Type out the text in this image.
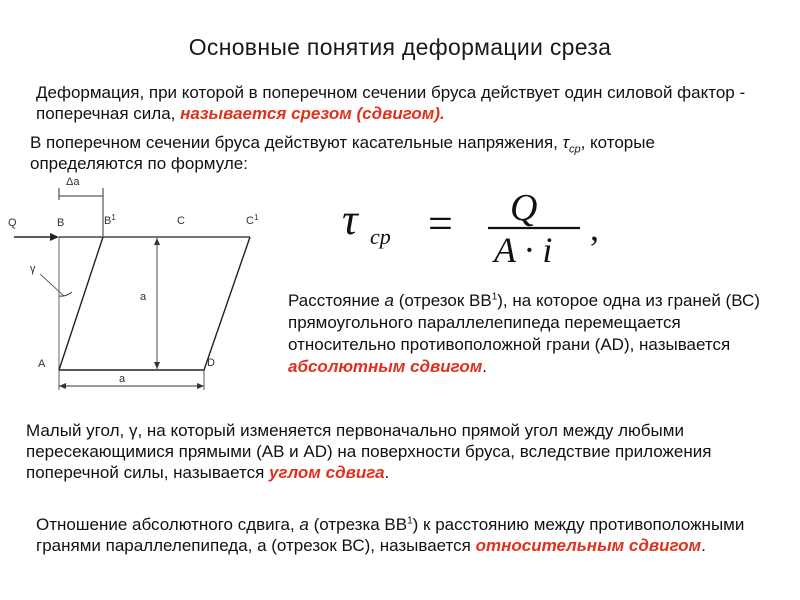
Основные понятия деформации среза
Деформация, при которой в поперечном сечении бруса действует один силовой фактор - поперечная сила, называется срезом (сдвигом).
В поперечном сечении бруса действуют касательные напряжения, $\tau_{ср}$, которые определяются по формуле:
τ ср = Q
A · i
,
Δa
Q	B	$B^1$	C	$C^1$
γ
a
A	D
a
Расстояние a (отрезок $BB^1$), на которое одна из граней (ВС) прямоугольного параллелепипеда перемещается относительно противоположной грани (АD), называется абсолютным сдвигом.
Малый угол, γ, на который изменяется первоначально прямой угол между любыми пересекающимися прямыми (АВ и АD) на поверхности бруса, вследствие приложения поперечной силы, называется углом сдвига.
Отношение абсолютного сдвига, a (отрезка $BB^1$) к расстоянию между противоположными гранями параллелепипеда, а (отрезок ВС), называется относительным сдвигом.
